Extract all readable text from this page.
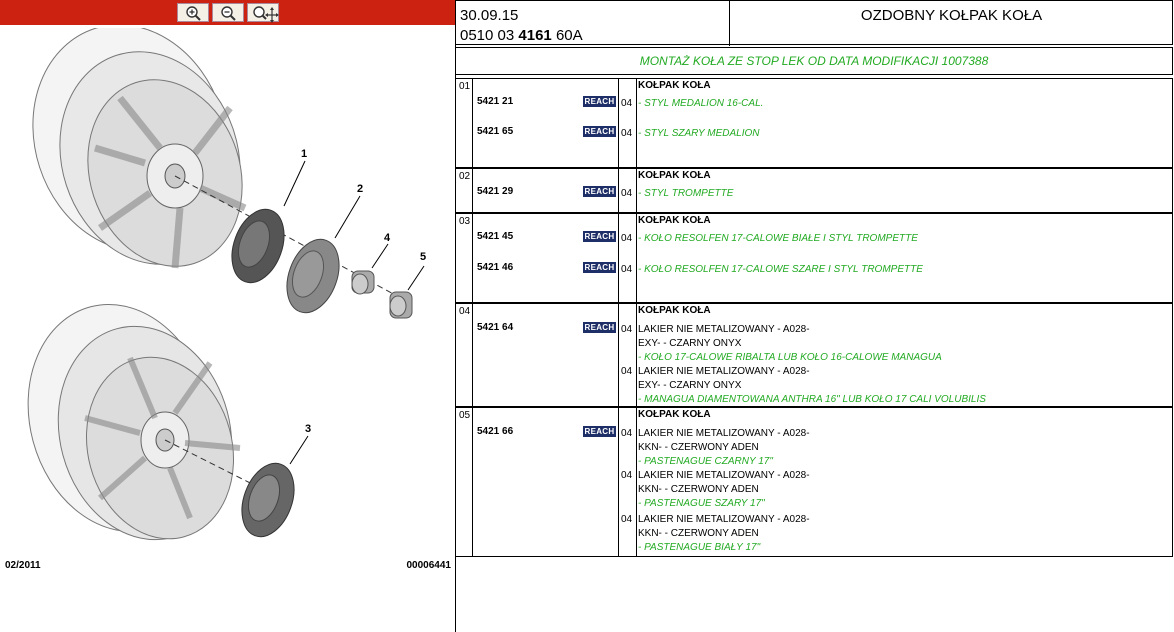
1
2
3
4
5
02/2011	00006441
30.09.15
0510 03 4161 60A
OZDOBNY KOŁPAK KOŁA
MONTAŻ KOŁA ZE STOP LEK OD DATA MODIFIKACJI 1007388
01	KOŁPAK KOŁA
5421 21	REACH 04 - STYL MEDALION 16-CAL.
5421 65	REACH 04 - STYL SZARY MEDALION
02	KOŁPAK KOŁA
5421 29	REACH 04 - STYL TROMPETTE
03	KOŁPAK KOŁA
5421 45	REACH 04 - KOŁO RESOLFEN 17-CALOWE BIAŁE I STYL TROMPETTE
5421 46	REACH 04 - KOŁO RESOLFEN 17-CALOWE SZARE I STYL TROMPETTE
04	KOŁPAK KOŁA
5421 64	REACH 04 LAKIER NIE METALIZOWANY - A028-
EXY- - CZARNY ONYX
- KOŁO 17-CALOWE RIBALTA LUB KOŁO 16-CALOWE MANAGUA
04 LAKIER NIE METALIZOWANY - A028-
EXY- - CZARNY ONYX
- MANAGUA DIAMENTOWANA ANTHRA 16" LUB KOŁO 17 CALI VOLUBILIS
05	KOŁPAK KOŁA
5421 66	REACH 04 LAKIER NIE METALIZOWANY - A028-
KKN- - CZERWONY ADEN
- PASTENAGUE CZARNY 17"
04 LAKIER NIE METALIZOWANY - A028-
KKN- - CZERWONY ADEN
- PASTENAGUE SZARY 17"
04 LAKIER NIE METALIZOWANY - A028-
KKN- - CZERWONY ADEN
- PASTENAGUE BIAŁY 17"
